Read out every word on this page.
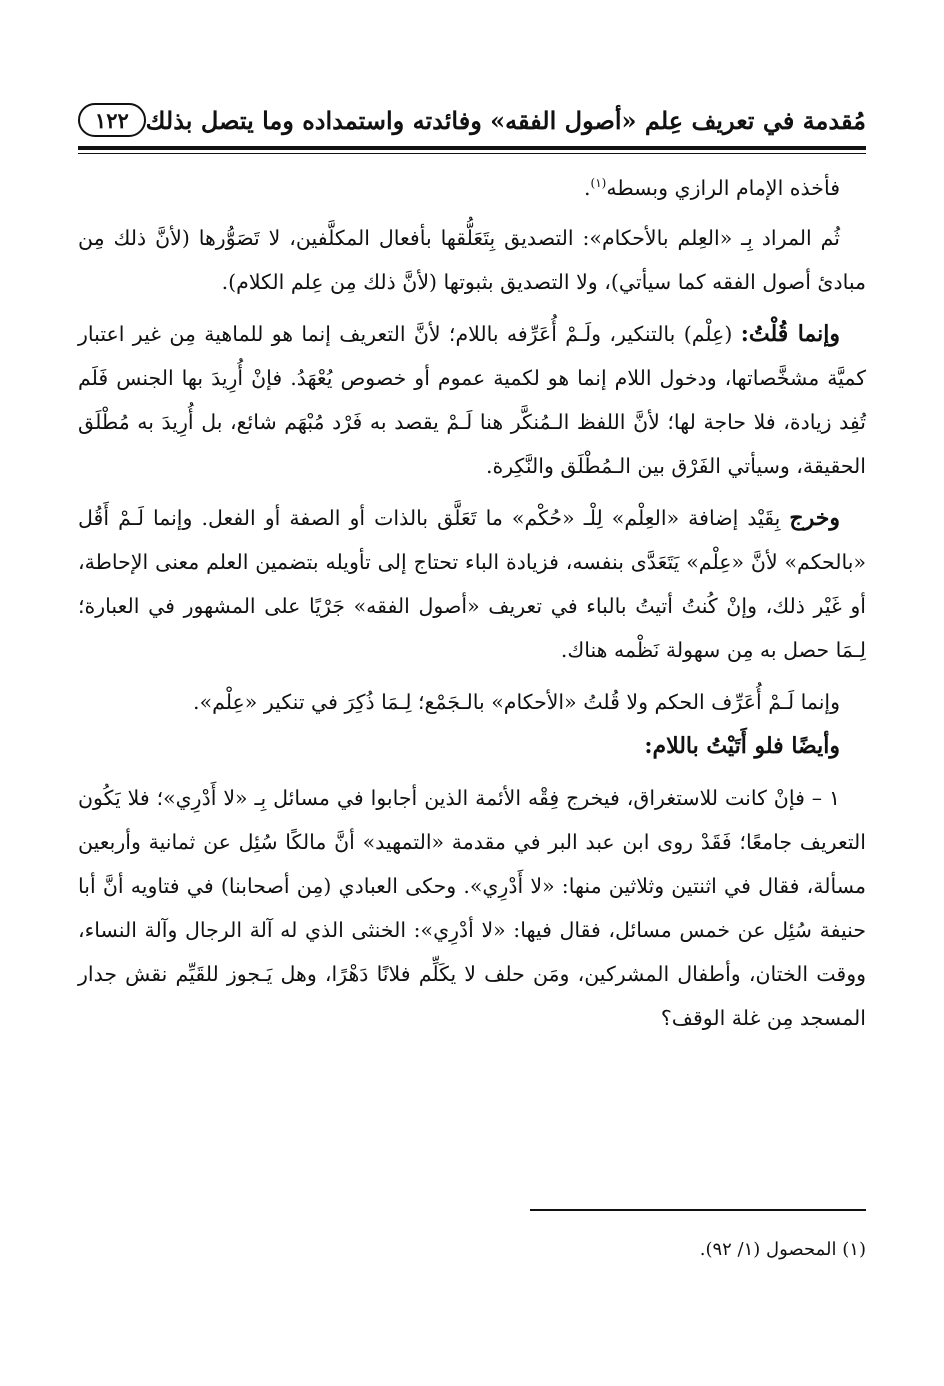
مُقدمة في تعريف عِلم «أصول الفقه» وفائدته واستمداده وما يتصل بذلك
١٢٢

فأخذه الإمام الرازي وبسطه$^{(١)}$.

ثُم المراد بِـ «العِلم بالأحكام»: التصديق بِتَعَلُّقها بأفعال المكلَّفين، لا تَصَوُّرها (لأنَّ ذلك مِن مبادئ أصول الفقه كما سيأتي)، ولا التصديق بثبوتها (لأنَّ ذلك مِن عِلم الكلام).

وإنما قُلْتُ: (عِلْم) بالتنكير، ولَـمْ أُعَرِّفه باللام؛ لأنَّ التعريف إنما هو للماهية مِن غير اعتبار كميَّة مشخَّصاتها، ودخول اللام إنما هو لكمية عموم أو خصوص يُعْهَدُ. فإنْ أُرِيدَ بها الجنس فَلَم تُفِد زيادة، فلا حاجة لها؛ لأنَّ اللفظ الـمُنكَّر هنا لَـمْ يقصد به فَرْد مُبْهَم شائع، بل أُرِيدَ به مُطْلَق الحقيقة، وسيأتي الفَرْق بين الـمُطْلَق والنَّكِرة.

وخرج بِقَيْد إضافة «العِلْم» لِلْـ «حُكْم» ما تَعَلَّق بالذات أو الصفة أو الفعل. وإنما لَـمْ أَقُل «بالحكم» لأنَّ «عِلْم» يَتَعَدَّى بنفسه، فزيادة الباء تحتاج إلى تأويله بتضمين العلم معنى الإحاطة، أو غَيْر ذلك، وإنْ كُنتُ أتيتُ بالباء في تعريف «أصول الفقه» جَرْيًا على المشهور في العبارة؛ لِـمَا حصل به مِن سهولة نَظْمه هناك.

وإنما لَـمْ أُعَرِّف الحكم ولا قُلتُ «الأحكام» بالـجَمْع؛ لِـمَا ذُكِرَ في تنكير «عِلْم».

وأيضًا فلو أَتَيْتُ باللام:

١ – فإنْ كانت للاستغراق، فيخرج فِقْه الأئمة الذين أجابوا في مسائل بِـ «لا أَدْرِي»؛ فلا يَكُون التعريف جامعًا؛ فَقَدْ روى ابن عبد البر في مقدمة «التمهيد» أنَّ مالكًا سُئِل عن ثمانية وأربعين مسألة، فقال في اثنتين وثلاثين منها: «لا أَدْرِي». وحكى العبادي (مِن أصحابنا) في فتاويه أنَّ أبا حنيفة سُئِل عن خمس مسائل، فقال فيها: «لا أدْرِي»: الخنثى الذي له آلة الرجال وآلة النساء، ووقت الختان، وأطفال المشركين، ومَن حلف لا يكَلِّم فلانًا دَهْرًا، وهل يَـجوز للقَيِّم نقش جدار المسجد مِن غلة الوقف؟

(١) المحصول (١/ ٩٢).
